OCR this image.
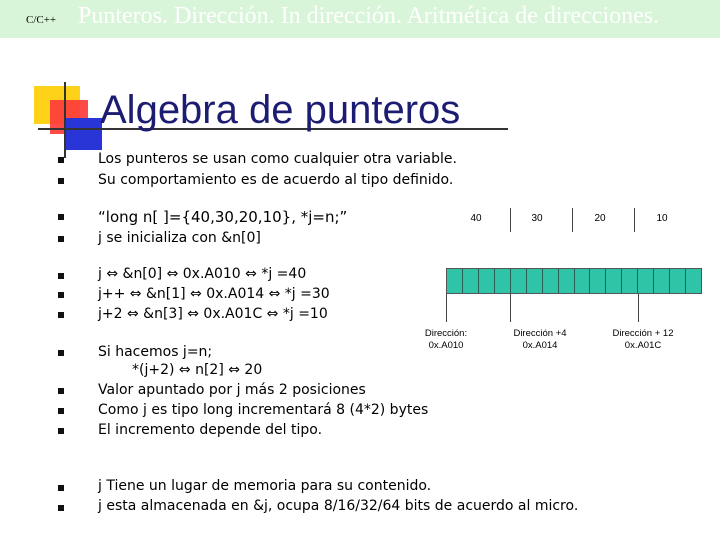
C/C++ Punteros. Dirección. In dirección. Aritmética de direcciones.
Algebra de punteros
Los punteros se usan como cualquier otra variable.
Su comportamiento es de acuerdo al tipo definido.
“long n[ ]={40,30,20,10}, *j=n;”
j se inicializa con &n[0]
j ⇔ &n[0] ⇔ 0x.A010 ⇔ *j =40
j++ ⇔ &n[1] ⇔ 0x.A014 ⇔ *j =30
j+2 ⇔ &n[3] ⇔ 0x.A01C ⇔ *j =10
Si hacemos j=n;
*(j+2) ⇔ n[2] ⇔ 20
Valor apuntado por j más 2 posiciones
Como j es tipo long incrementará 8 (4*2) bytes
El incremento depende del tipo.
j Tiene un lugar de memoria para su contenido.
j esta almacenada en &j, ocupa 8/16/32/64 bits de acuerdo al micro.
40	30	20	10
Dirección:
0x.A010
Dirección +4
0x.A014
Dirección + 12
0x.A01C
